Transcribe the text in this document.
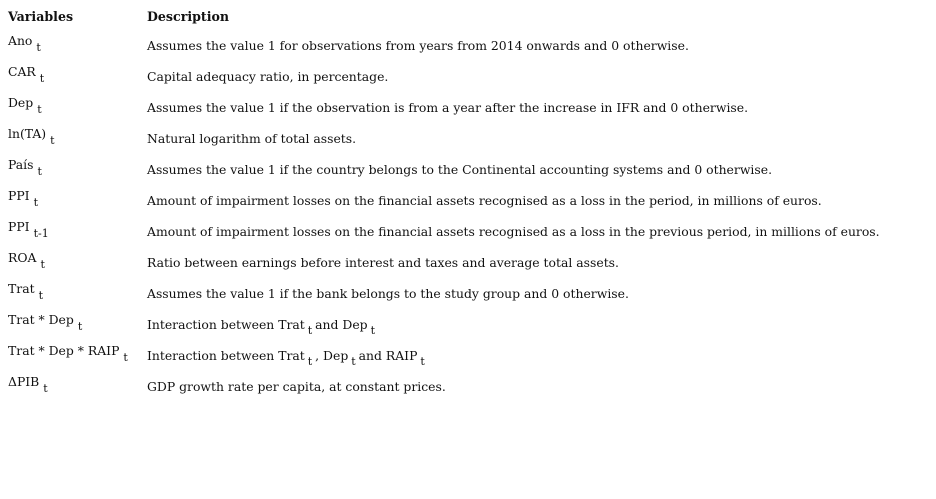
Variables	Description
Ano t	Assumes the value 1 for observations from years from 2014 onwards and 0 otherwise.
CAR t	Capital adequacy ratio, in percentage.
Dep t	Assumes the value 1 if the observation is from a year after the increase in IFR and 0 otherwise.
ln(TA) t	Natural logarithm of total assets.
País t	Assumes the value 1 if the country belongs to the Continental accounting systems and 0 otherwise.
PPI t	Amount of impairment losses on the financial assets recognised as a loss in the period, in millions of euros.
PPI t-1	Amount of impairment losses on the financial assets recognised as a loss in the previous period, in millions of euros.
ROA t	Ratio between earnings before interest and taxes and average total assets.
Trat t	Assumes the value 1 if the bank belongs to the study group and 0 otherwise.
Trat * Dep t	Interaction between Trat t and Dep t
Trat * Dep * RAIP t	Interaction between Trat t , Dep t and RAIP t
ΔPIB t	GDP growth rate per capita, at constant prices.
